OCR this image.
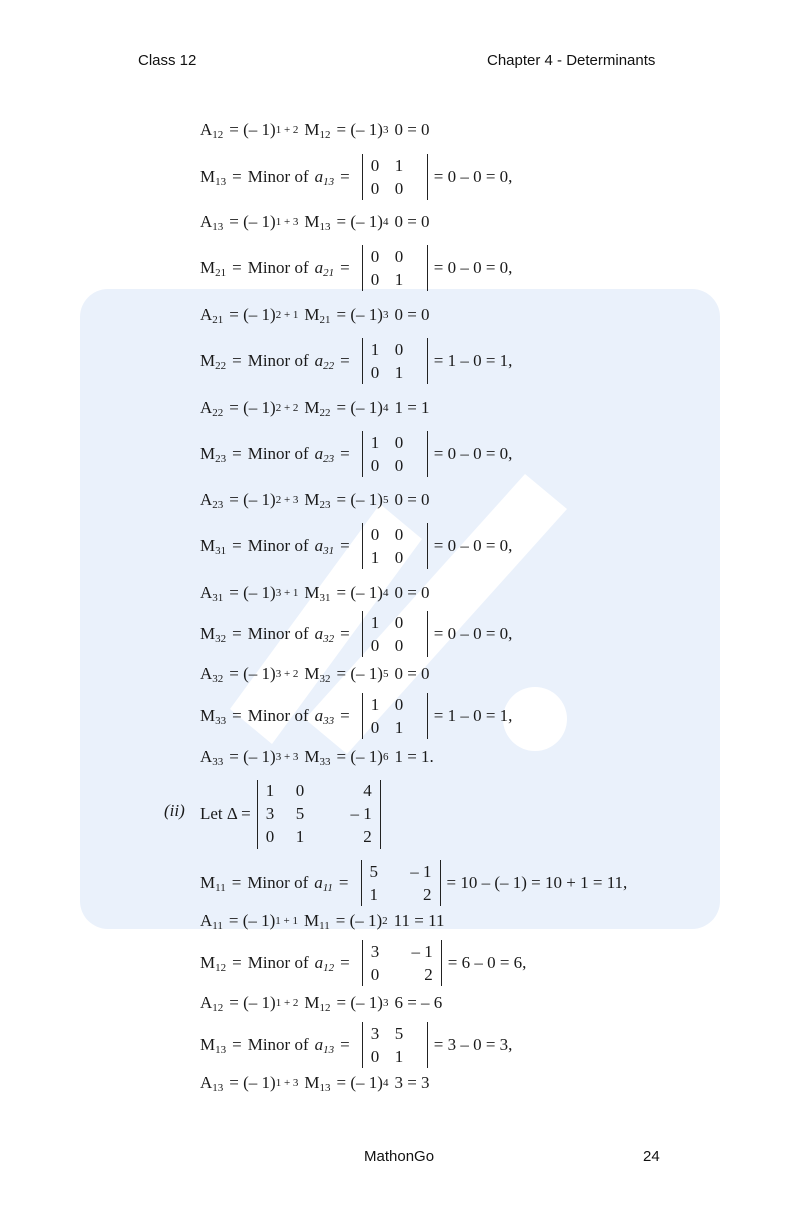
Class 12	Chapter 4 - Determinants
$A_{12}$ = (– 1) 1 + 2 $M_{12}$ = (– 1) 3 0 = 0
$M_{13}$ = Minor of $a_{13}$ =
0 1
0 0
= 0 – 0 = 0,
$A_{13}$ = (– 1) 1 + 3 $M_{13}$ = (– 1) 4 0 = 0
$M_{21}$ = Minor of $a_{21}$ =
0 0
0 1
= 0 – 0 = 0,
$A_{21}$ = (– 1) 2 + 1 $M_{21}$ = (– 1) 3 0 = 0
$M_{22}$ = Minor of $a_{22}$ =
1 0
0 1
= 1 – 0 = 1,
$A_{22}$ = (– 1) 2 + 2 $M_{22}$ = (– 1) 4 1 = 1
$M_{23}$ = Minor of $a_{23}$ =
1 0
0 0
= 0 – 0 = 0,
$A_{23}$ = (– 1) 2 + 3 $M_{23}$ = (– 1) 5 0 = 0
$M_{31}$ = Minor of $a_{31}$ =
0 0
1 0
= 0 – 0 = 0,
$A_{31}$ = (– 1) 3 + 1 $M_{31}$ = (– 1) 4 0 = 0
$M_{32}$ = Minor of $a_{32}$ =
1 0
0 0
= 0 – 0 = 0,
$A_{32}$ = (– 1) 3 + 2 $M_{32}$ = (– 1) 5 0 = 0
$M_{33}$ = Minor of $a_{33}$ =
1 0
0 1
= 1 – 0 = 1,
$A_{33}$ = (– 1) 3 + 3 $M_{33}$ = (– 1) 6 1 = 1.
(ii) Let Δ =
1	0	4
3	5	– 1
0	1	2
$M_{11}$ = Minor of $a_{11}$ =
5	– 1
1	2
= 10 – (– 1) = 10 + 1 = 11,
$A_{11}$ = (– 1) 1 + 1 $M_{11}$ = (– 1) 2 11 = 11
$M_{12}$ = Minor of $a_{12}$ =
3	– 1
0	2
= 6 – 0 = 6,
$A_{12}$ = (– 1) 1 + 2 $M_{12}$ = (– 1) 3 6 = – 6
$M_{13}$ = Minor of $a_{13}$ =
3 5
0 1
= 3 – 0 = 3,
$A_{13}$ = (– 1) 1 + 3 $M_{13}$ = (– 1) 4 3 = 3
MathonGo	24
